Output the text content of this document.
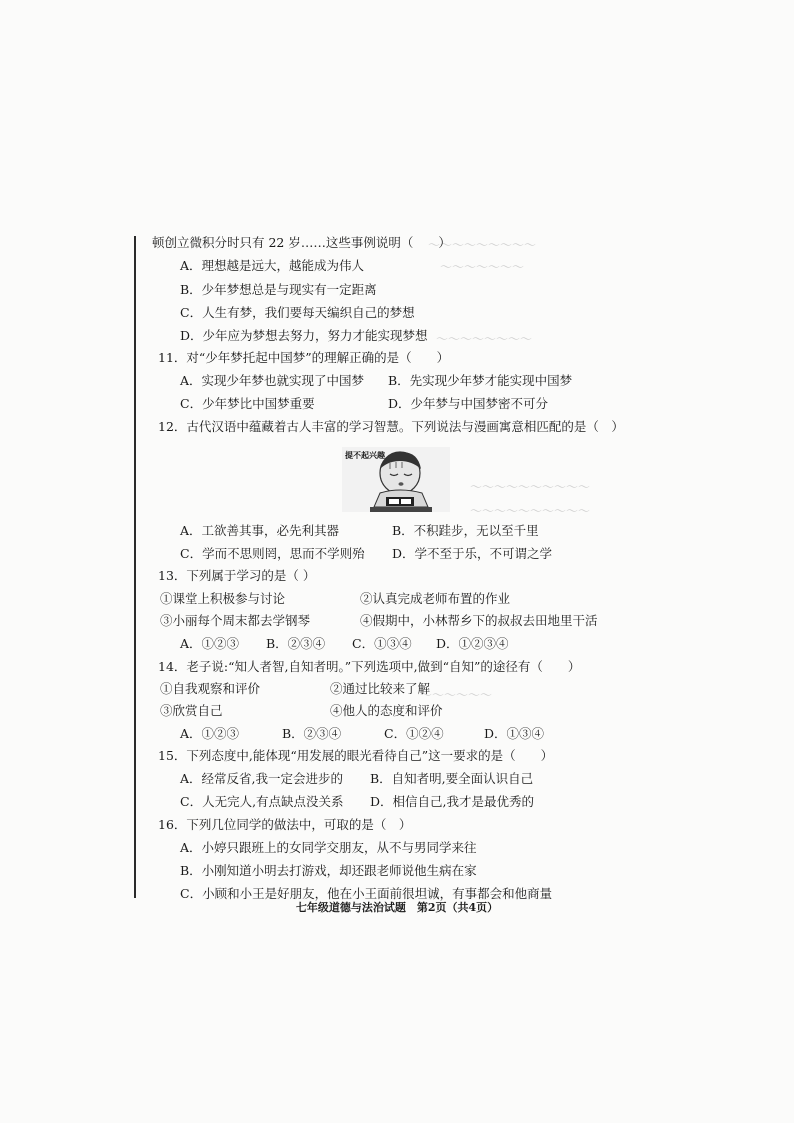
～～～～～～～～～
～～～～～～～
～～～～～～～～
～～～～～～～～～～
～～～～～～～～～～
～～～～～～
顿创立微积分时只有 22 岁……这些事例说明（　　）
A．理想越是远大，越能成为伟人
B．少年梦想总是与现实有一定距离
C．人生有梦，我们要每天编织自己的梦想
D．少年应为梦想去努力，努力才能实现梦想
11．对“少年梦托起中国梦”的理解正确的是（　　）
A．实现少年梦也就实现了中国梦 B．先实现少年梦才能实现中国梦
C．少年梦比中国梦重要	D．少年梦与中国梦密不可分
12．古代汉语中蕴藏着古人丰富的学习智慧。下列说法与漫画寓意相匹配的是（　）
提不起兴趣
A．工欲善其事，必先利其器	B．不积跬步，无以至千里
C．学而不思则罔，思而不学则殆 D．学不至于乐，不可谓之学
13．下列属于学习的是（ ）
①课堂上积极参与讨论	②认真完成老师布置的作业
③小丽每个周末都去学钢琴	④假期中，小林帮乡下的叔叔去田地里干活
A．①②③ B．②③④ C．①③④ D．①②③④
14．老子说:“知人者智,自知者明。”下列选项中,做到“自知”的途径有（　　）
①自我观察和评价	②通过比较来了解
③欣赏自己	④他人的态度和评价
A．①②③	B．②③④	C．①②④	D．①③④
15．下列态度中,能体现“用发展的眼光看待自己”这一要求的是（　　）
A．经常反省,我一定会进步的 B．自知者明,要全面认识自己
C．人无完人,有点缺点没关系 D．相信自己,我才是最优秀的
16．下列几位同学的做法中，可取的是（　）
A．小婷只跟班上的女同学交朋友，从不与男同学来往
B．小刚知道小明去打游戏，却还跟老师说他生病在家
C．小顾和小王是好朋友，他在小王面前很坦诚，有事都会和他商量
七年级道德与法治试题　第2页（共4页）
